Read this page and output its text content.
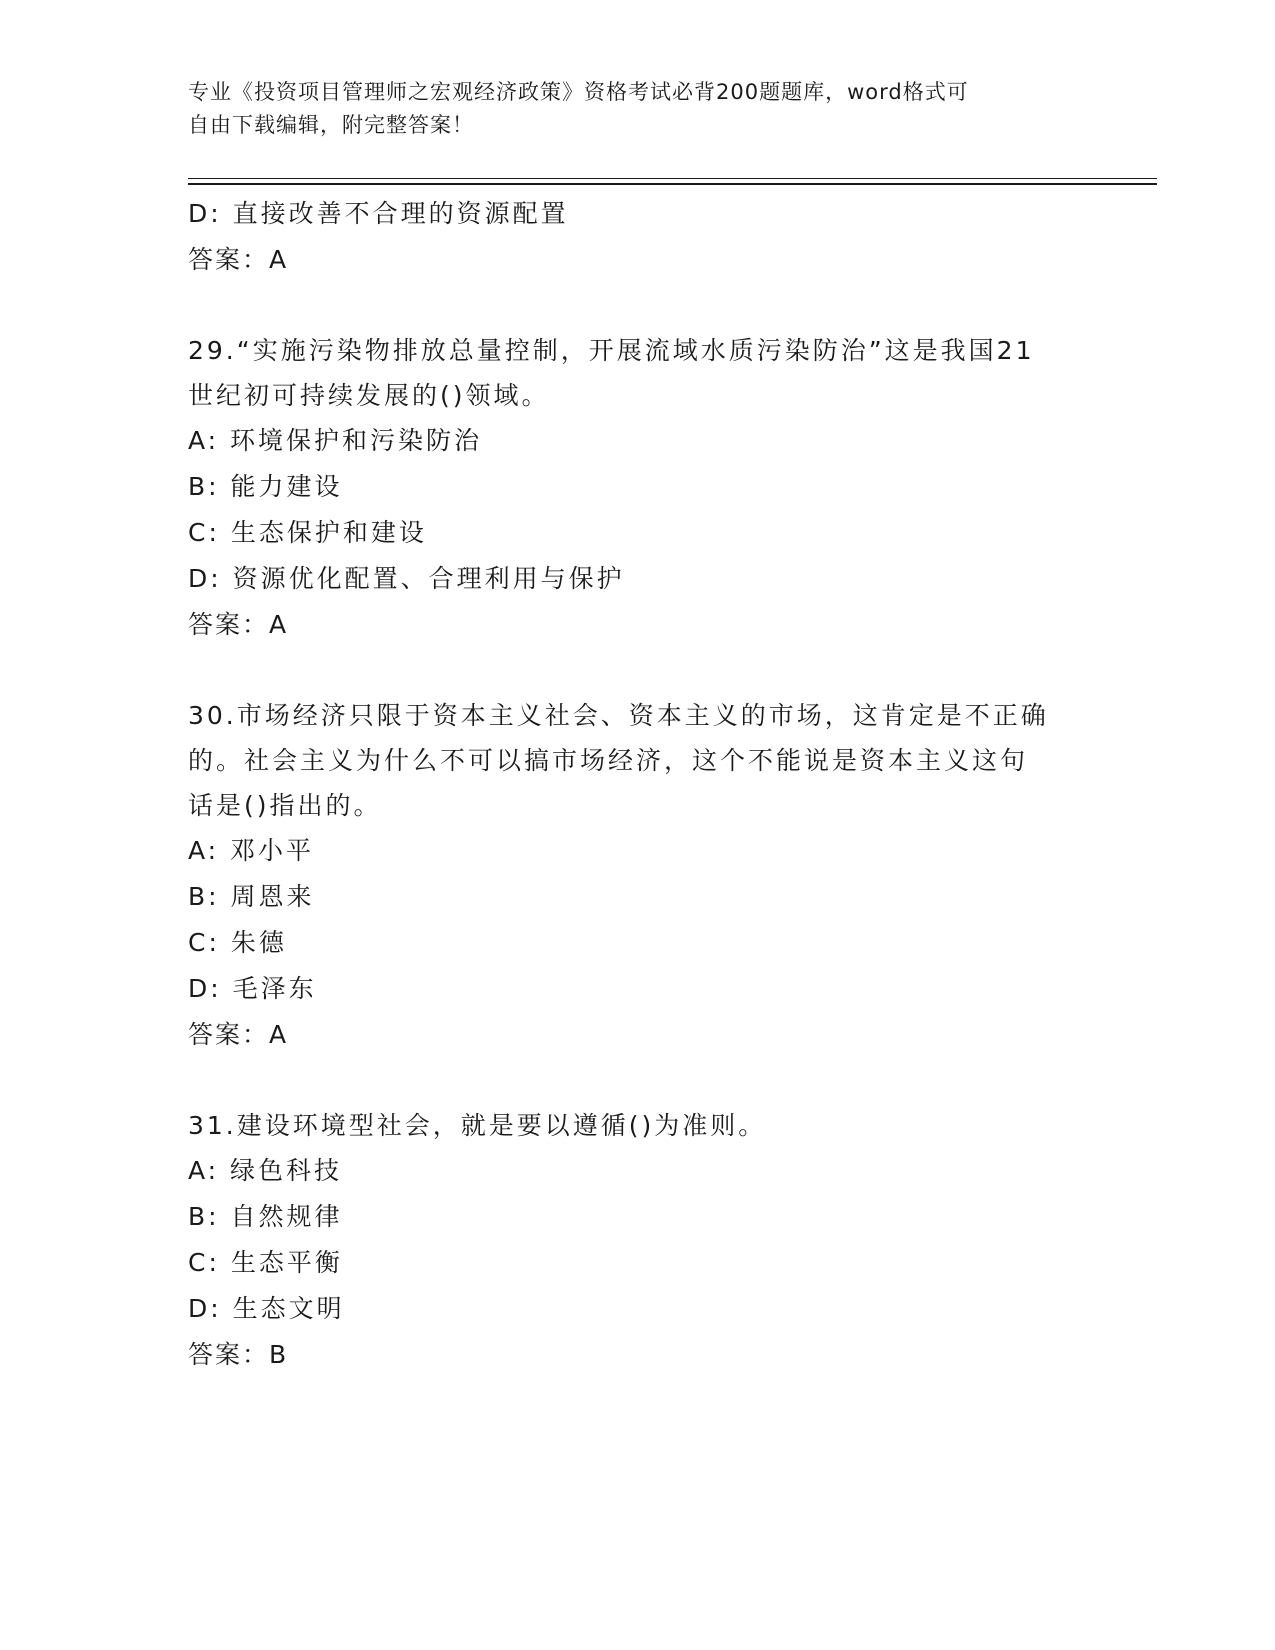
专业《投资项目管理师之宏观经济政策》资格考试必背200题题库，word格式可
自由下载编辑，附完整答案！
D: 直接改善不合理的资源配置
答案：A
29.“实施污染物排放总量控制，开展流域水质污染防治”这是我国21
世纪初可持续发展的()领域。
A: 环境保护和污染防治
B: 能力建设
C: 生态保护和建设
D: 资源优化配置、合理利用与保护
答案：A
30.市场经济只限于资本主义社会、资本主义的市场，这肯定是不正确
的。社会主义为什么不可以搞市场经济，这个不能说是资本主义这句
话是()指出的。
A: 邓小平
B: 周恩来
C: 朱德
D: 毛泽东
答案：A
31.建设环境型社会，就是要以遵循()为准则。
A: 绿色科技
B: 自然规律
C: 生态平衡
D: 生态文明
答案：B
